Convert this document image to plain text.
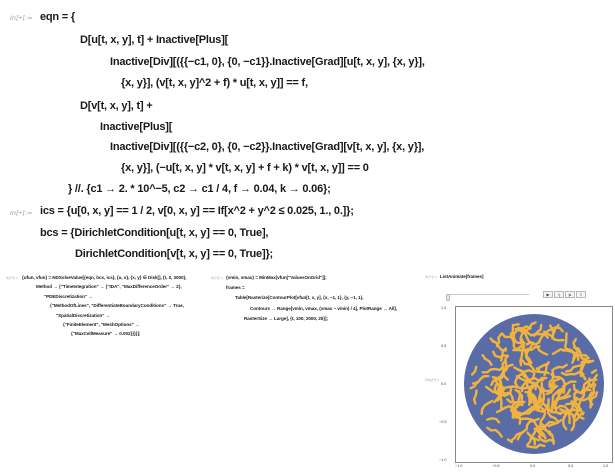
In[•]:= eqn = {
D[u[t, x, y], t] + Inactive[Plus][
Inactive[Div][({{−c1, 0}, {0, −c1}}.Inactive[Grad][u[t, x, y], {x, y}],
{x, y}], (v[t, x, y]^2 + f) * u[t, x, y]] == f,
D[v[t, x, y], t] +
Inactive[Plus][
Inactive[Div][({{−c2, 0}, {0, −c2}}.Inactive[Grad][v[t, x, y], {x, y}],
{x, y}], (−u[t, x, y] * v[t, x, y] + f + k) * v[t, x, y]] == 0
} //. {c1 → 2. * 10^−5, c2 → c1 / 4, f → 0.04, k → 0.06};
In[•]:= ics = {u[0, x, y] == 1 / 2, v[0, x, y] == If[x^2 + y^2 ≤ 0.025, 1., 0.]};
bcs = {DirichletCondition[u[t, x, y] == 0, True],
DirichletCondition[v[t, x, y] == 0, True]};
In[•]:= {ufun, vfun} = NDSolveValue[{eqn, bcs, ics}, {u, v}, {x, y} ∈ Disk[], {t, 0, 3000},
Method → {"TimeIntegration" → {"IDA", "MaxDifferenceOrder" → 2},
"PDEDiscretization" →
{"MethodOfLines", "DifferentiateBoundaryConditions" → True,
"SpatialDiscretization" →
{"FiniteElement", "MeshOptions" →
{"MaxCellMeasure" → 0.002}}}}];
In[•]:= {vmin, vmax} = MinMax[vfun["ValuesOnGrid"]];
frames =
Table[Rasterize[ContourPlot[vfun[t, x, y], {x, −1, 1}, {y, −1, 1},
Contours → Range[vmin, vmax, (vmax − vmin) / 4], PlotRange → All],
RasterSize → Large], {t, 100, 2000, 20}];
In[•]:= ListAnimate[frames]
Out[•]=
▶	‹|	|▸	≡
1.0
0.5
0.0
−0.5
−1.0
−1.0	−0.5	0.0	0.5	1.0
